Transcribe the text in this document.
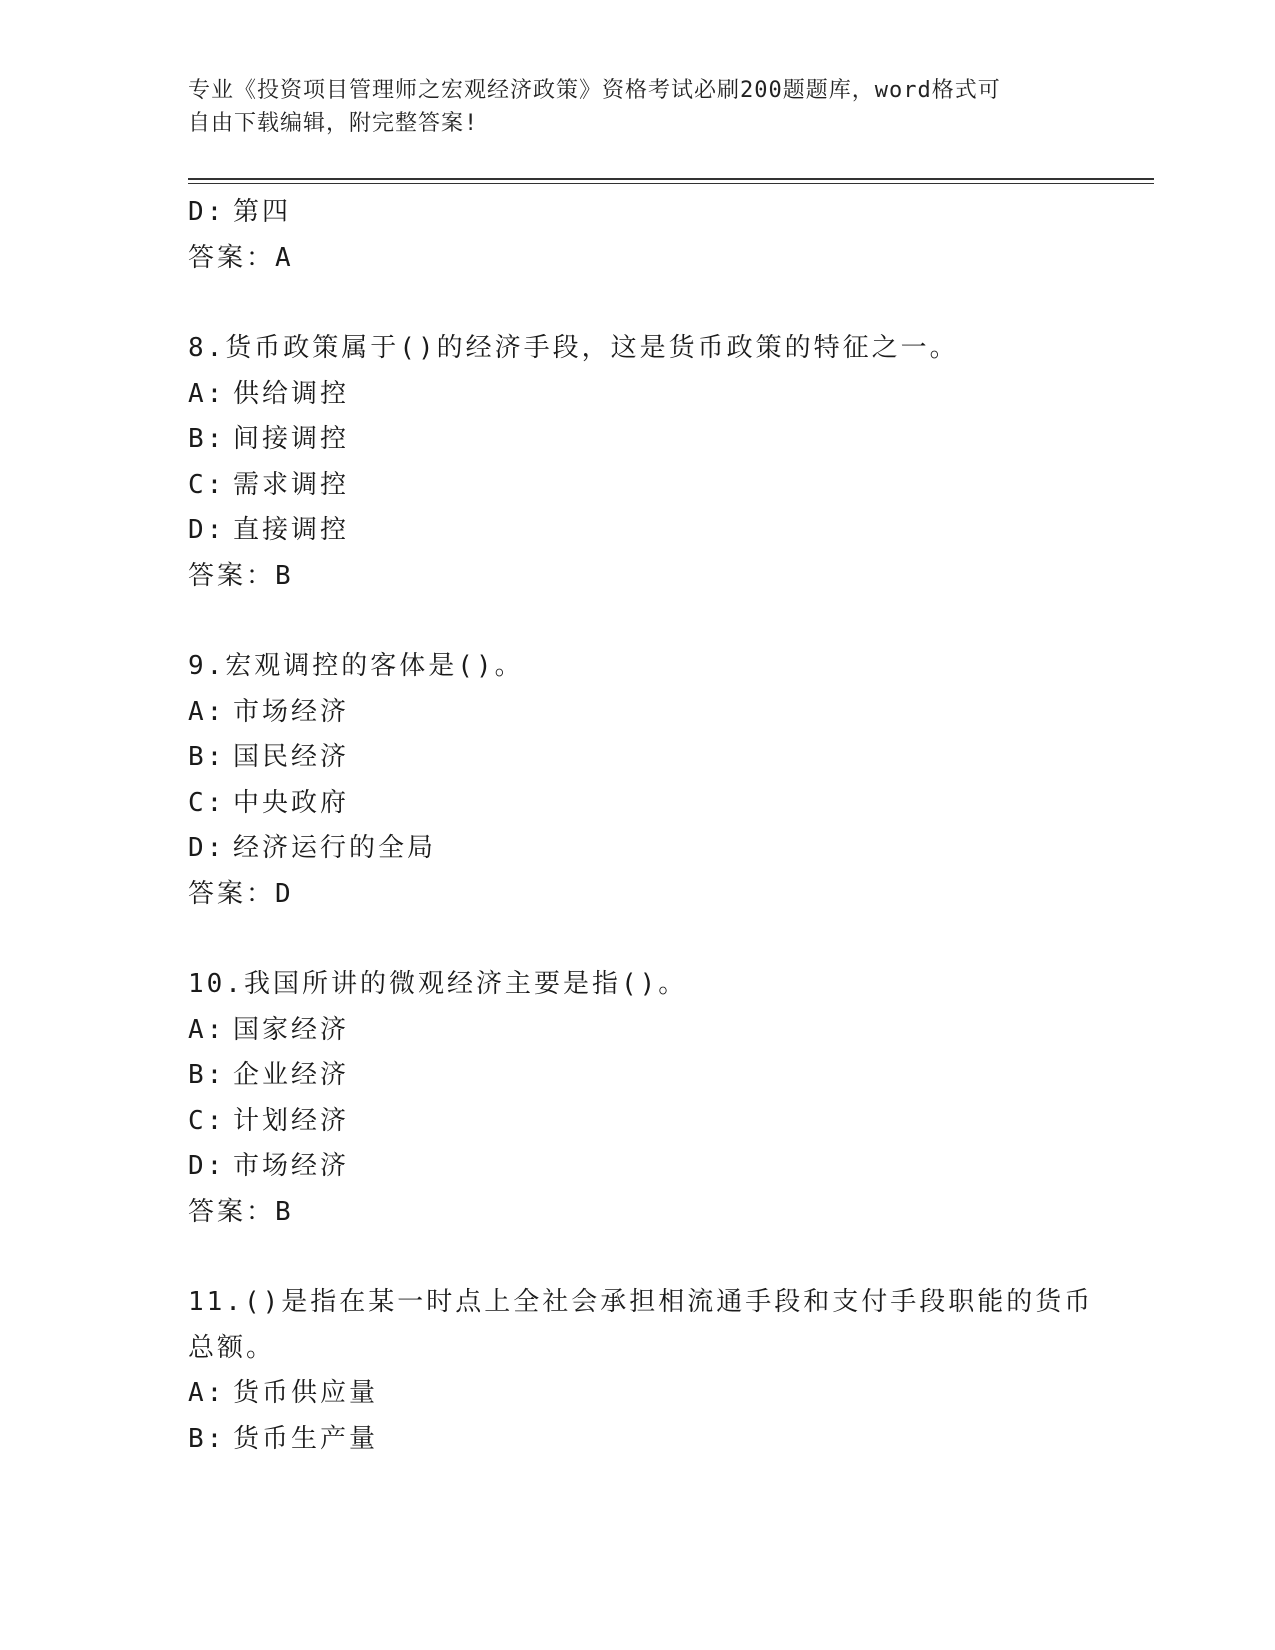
专业《投资项目管理师之宏观经济政策》资格考试必刷200题题库，word格式可
自由下载编辑，附完整答案!
D: 第四
答案：A
8.货币政策属于()的经济手段，这是货币政策的特征之一。
A: 供给调控
B: 间接调控
C: 需求调控
D: 直接调控
答案：B
9.宏观调控的客体是()。
A: 市场经济
B: 国民经济
C: 中央政府
D: 经济运行的全局
答案：D
10.我国所讲的微观经济主要是指()。
A: 国家经济
B: 企业经济
C: 计划经济
D: 市场经济
答案：B
11.()是指在某一时点上全社会承担相流通手段和支付手段职能的货币
总额。
A: 货币供应量
B: 货币生产量
